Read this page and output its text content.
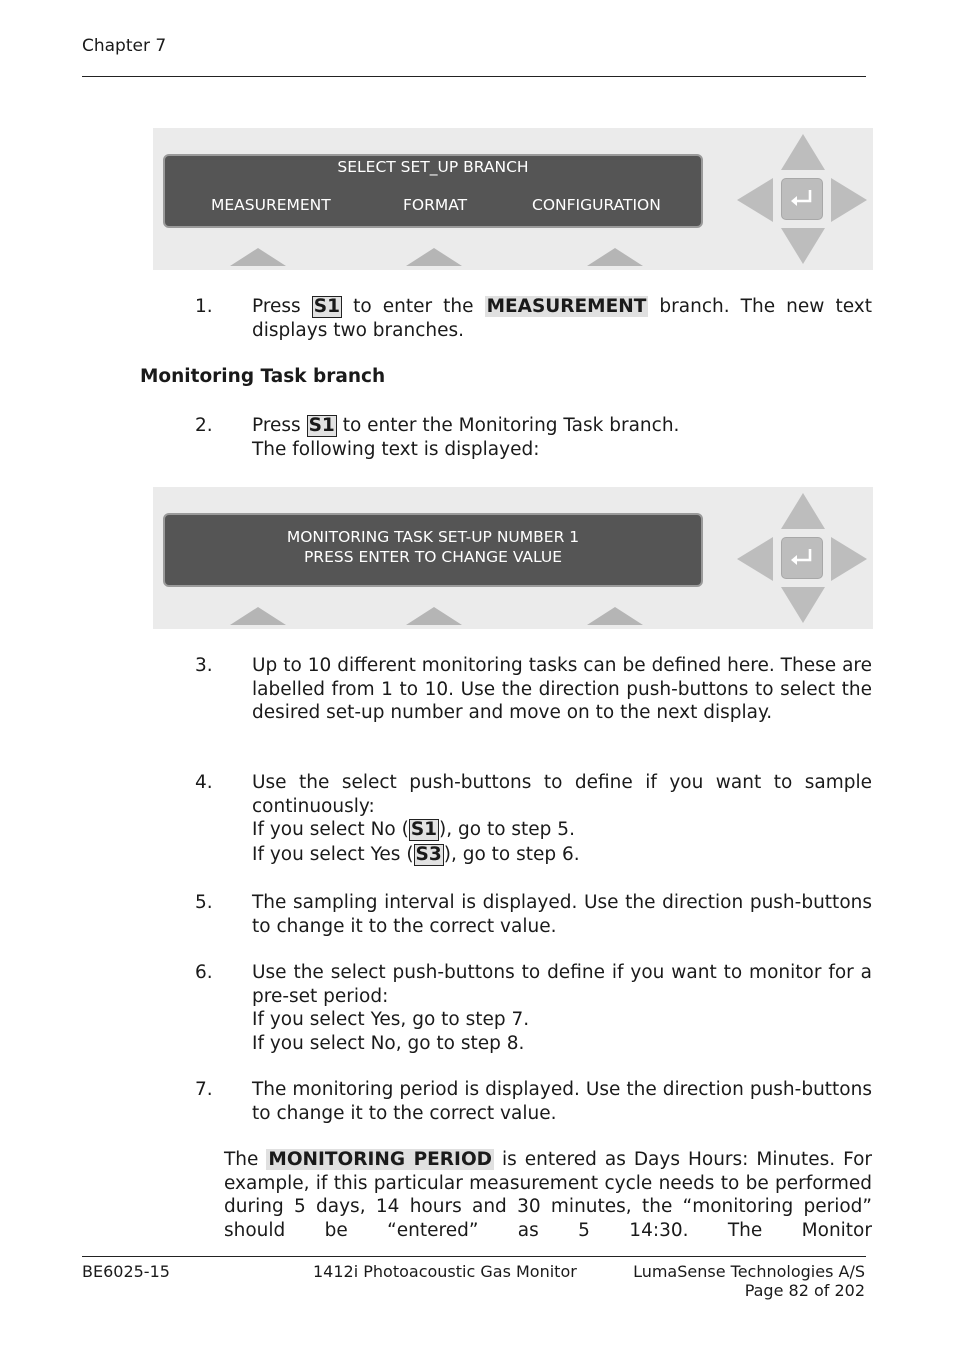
Chapter 7
SELECT SET_UP BRANCH
MEASUREMENT	FORMAT	CONFIGURATION
1. Press S1 to enter the MEASUREMENT branch. The new text

displays two branches.

Monitoring Task branch
2. Press S1 to enter the Monitoring Task branch.

The following text is displayed:

MONITORING TASK SET-UP NUMBER 1
PRESS ENTER TO CHANGE VALUE
3. Up to 10 different monitoring tasks can be defined here. These are labelled from 1 to 10. Use the direction push-buttons to select the desired set-up number and move on to the next display.
4. Use the select push-buttons to define if you want to sample continuously:

If you select No ( S1 ), go to step 5.

If you select Yes ( S3 ), go to step 6.

5. The sampling interval is displayed. Use the direction push-buttons to change it to the correct value.
6. Use the select push-buttons to define if you want to monitor for a pre-set period:

If you select Yes, go to step 7.

If you select No, go to step 8.

7. The monitoring period is displayed. Use the direction push-buttons to change it to the correct value.
The MONITORING PERIOD is entered as Days Hours: Minutes. For example, if this particular measurement cycle needs to be performed during 5 days, 14 hours and 30 minutes, the “monitoring period” should be “entered” as 5 14:30. The Monitor
BE6025-15	1412i Photoacoustic Gas Monitor	LumaSense Technologies A/S
Page 82 of 202
